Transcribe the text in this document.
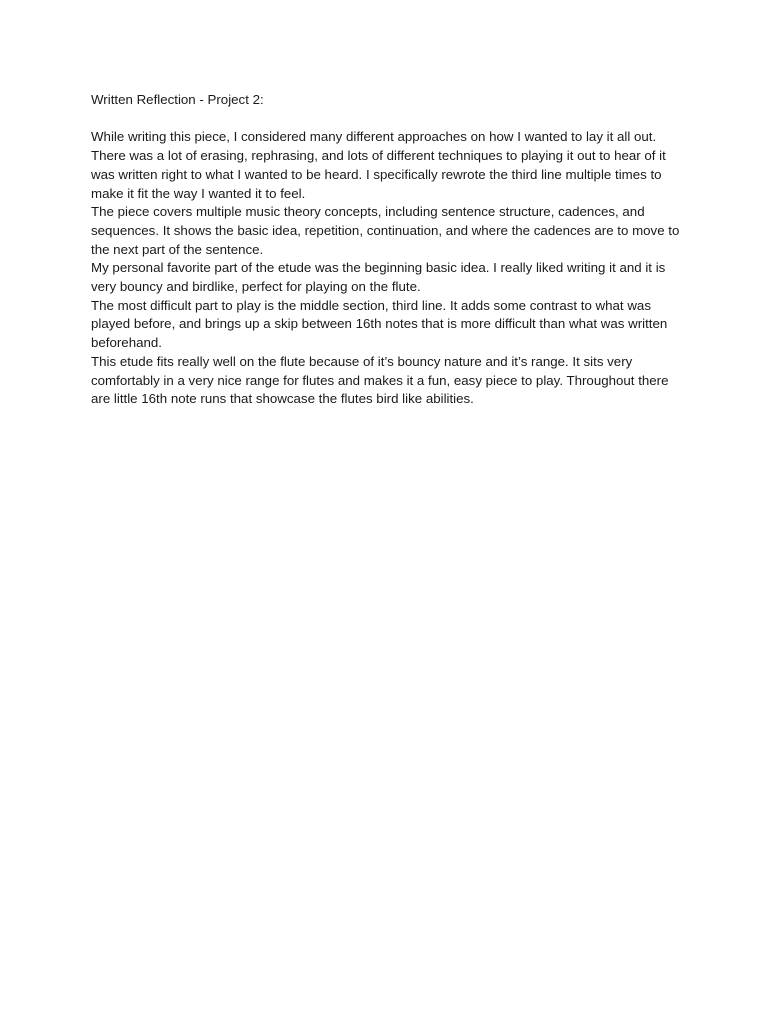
Written Reflection - Project 2:

While writing this piece, I considered many different approaches on how I wanted to lay it all out. There was a lot of erasing, rephrasing, and lots of different techniques to playing it out to hear of it was written right to what I wanted to be heard. I specifically rewrote the third line multiple times to make it fit the way I wanted it to feel.

The piece covers multiple music theory concepts, including sentence structure, cadences, and sequences. It shows the basic idea, repetition, continuation, and where the cadences are to move to the next part of the sentence.

My personal favorite part of the etude was the beginning basic idea. I really liked writing it and it is very bouncy and birdlike, perfect for playing on the flute.

The most difficult part to play is the middle section, third line. It adds some contrast to what was played before, and brings up a skip between 16th notes that is more difficult than what was written beforehand.

This etude fits really well on the flute because of it’s bouncy nature and it’s range. It sits very comfortably in a very nice range for flutes and makes it a fun, easy piece to play. Throughout there are little 16th note runs that showcase the flutes bird like abilities.
